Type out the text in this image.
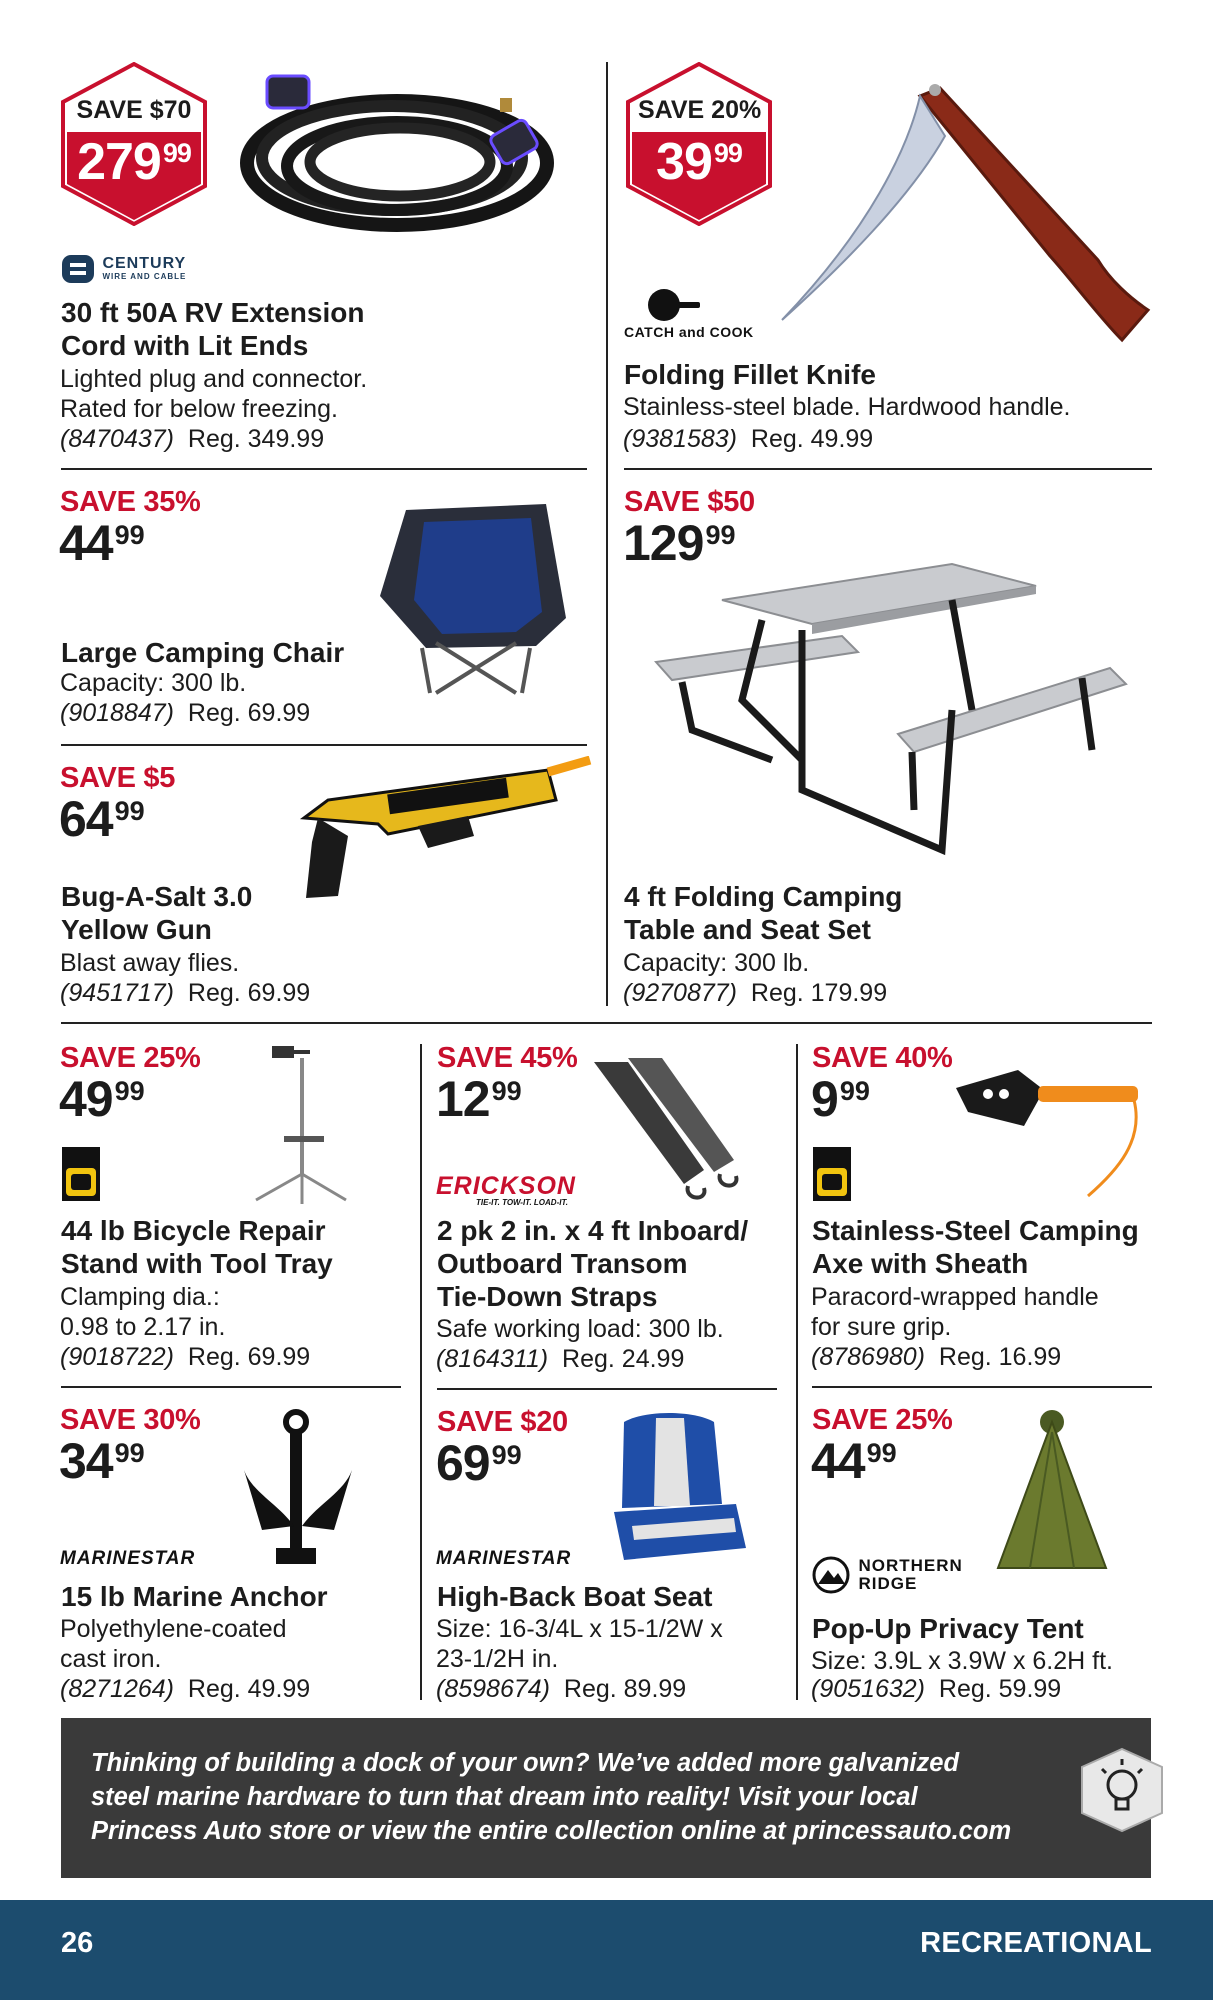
SAVE $70
$279^{99}$

CENTURY
WIRE AND CABLE
30 ft 50A RV Extension
Cord with Lit Ends
Lighted plug and connector.
Rated for below freezing.
(8470437) Reg. 349.99
SAVE 20%
$39^{99}$
CATCH and COOK
Folding Fillet Knife
Stainless-steel blade. Hardwood handle.
(9381583) Reg. 49.99
SAVE 35%
$44^{99}$
Large Camping Chair
Capacity: 300 lb.
(9018847) Reg. 69.99
SAVE $50
$129^{99}$
4 ft Folding Camping
Table and Seat Set
Capacity: 300 lb.
(9270877) Reg. 179.99
SAVE $5
$64^{99}$
Bug-A-Salt 3.0
Yellow Gun
Blast away flies.
(9451717) Reg. 69.99
SAVE 25%
$49^{99}$
44 lb Bicycle Repair
Stand with Tool Tray
Clamping dia.:
0.98 to 2.17 in.
(9018722) Reg. 69.99
SAVE 45%
$12^{99}$
ERICKSON
TIE-IT. TOW-IT. LOAD-IT.
2 pk 2 in. x 4 ft Inboard/
Outboard Transom
Tie-Down Straps
Safe working load: 300 lb.
(8164311) Reg. 24.99
SAVE 40%
$9^{99}$
Stainless-Steel Camping
Axe with Sheath
Paracord-wrapped handle
for sure grip.
(8786980) Reg. 16.99
SAVE 30%
$34^{99}$
MARINESTAR
15 lb Marine Anchor
Polyethylene-coated
cast iron.
(8271264) Reg. 49.99
SAVE $20
$69^{99}$
MARINESTAR
High-Back Boat Seat
Size: 16-3/4L x 15-1/2W x
23-1/2H in.
(8598674) Reg. 89.99
SAVE 25%
$44^{99}$

NORTHERN
RIDGE
Pop-Up Privacy Tent
Size: 3.9L x 3.9W x 6.2H ft.
(9051632) Reg. 59.99
Thinking of building a dock of your own? We’ve added more galvanized steel marine hardware to turn that dream into reality! Visit your local Princess Auto store or view the entire collection online at princessauto.com
26	RECREATIONAL
